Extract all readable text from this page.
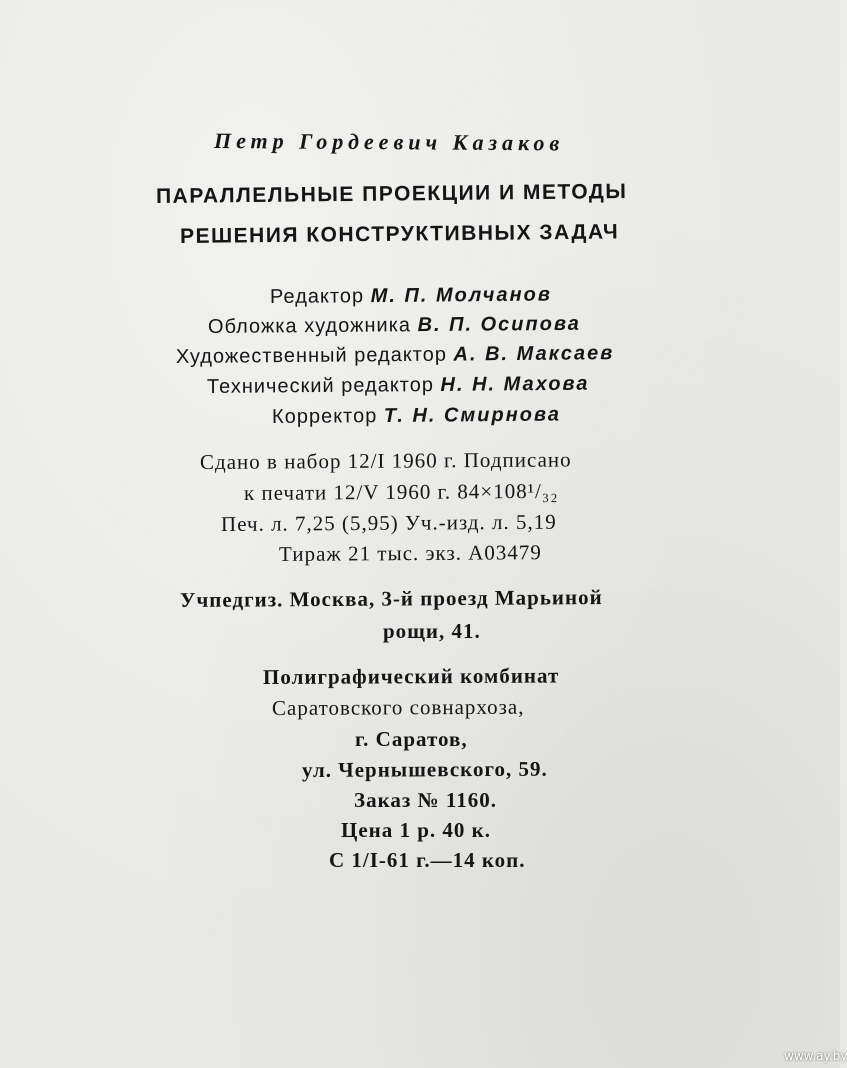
Петр Гордеевич Казаков
ПАРАЛЛЕЛЬНЫЕ ПРОЕКЦИИ И МЕТОДЫ
РЕШЕНИЯ КОНСТРУКТИВНЫХ ЗАДАЧ
Редактор М. П. Молчанов
Обложка художника В. П. Осипова
Художественный редактор А. В. Максаев
Технический редактор Н. Н. Махова
Корректор Т. Н. Смирнова
Сдано в набор 12/I 1960 г. Подписано
к печати 12/V 1960 г. 84×108¹/₃₂
Печ. л. 7,25 (5,95) Уч.-изд. л. 5,19
Тираж 21 тыс. экз. А03479
Учпедгиз. Москва, 3-й проезд Марьиной
рощи, 41.
Полиграфический комбинат
Саратовского совнархоза,
г. Саратов,
ул. Чернышевского, 59.
Заказ № 1160.
Цена 1 р. 40 к.
С 1/I-61 г.—14 коп.
www.ay.by
